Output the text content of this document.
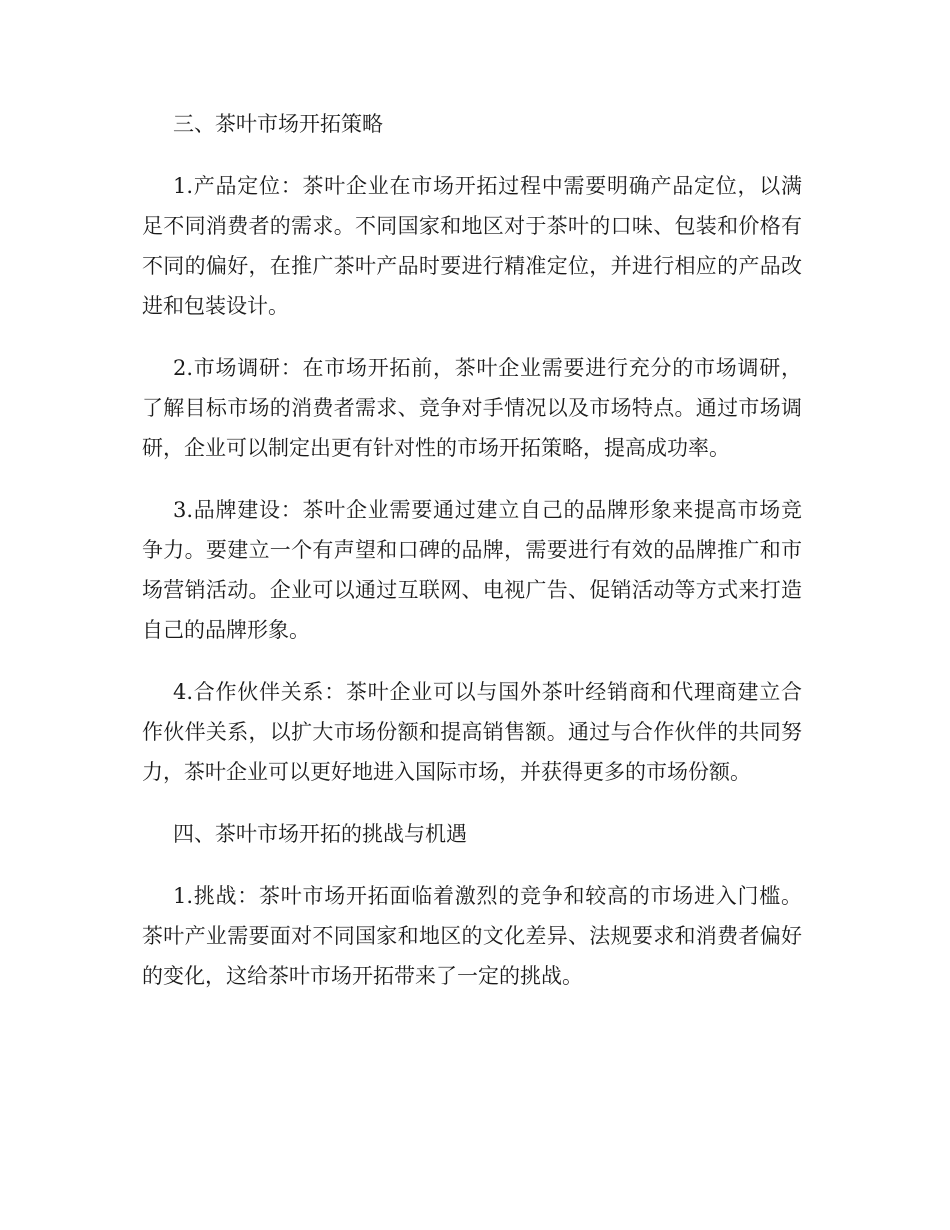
三、茶叶市场开拓策略

1.产品定位：茶叶企业在市场开拓过程中需要明确产品定位，以满足不同消费者的需求。不同国家和地区对于茶叶的口味、包装和价格有不同的偏好，在推广茶叶产品时要进行精准定位，并进行相应的产品改进和包装设计。

2.市场调研：在市场开拓前，茶叶企业需要进行充分的市场调研，了解目标市场的消费者需求、竞争对手情况以及市场特点。通过市场调研，企业可以制定出更有针对性的市场开拓策略，提高成功率。

3.品牌建设：茶叶企业需要通过建立自己的品牌形象来提高市场竞争力。要建立一个有声望和口碑的品牌，需要进行有效的品牌推广和市场营销活动。企业可以通过互联网、电视广告、促销活动等方式来打造自己的品牌形象。

4.合作伙伴关系：茶叶企业可以与国外茶叶经销商和代理商建立合作伙伴关系，以扩大市场份额和提高销售额。通过与合作伙伴的共同努力，茶叶企业可以更好地进入国际市场，并获得更多的市场份额。

四、茶叶市场开拓的挑战与机遇

1.挑战：茶叶市场开拓面临着激烈的竞争和较高的市场进入门槛。茶叶产业需要面对不同国家和地区的文化差异、法规要求和消费者偏好的变化，这给茶叶市场开拓带来了一定的挑战。
